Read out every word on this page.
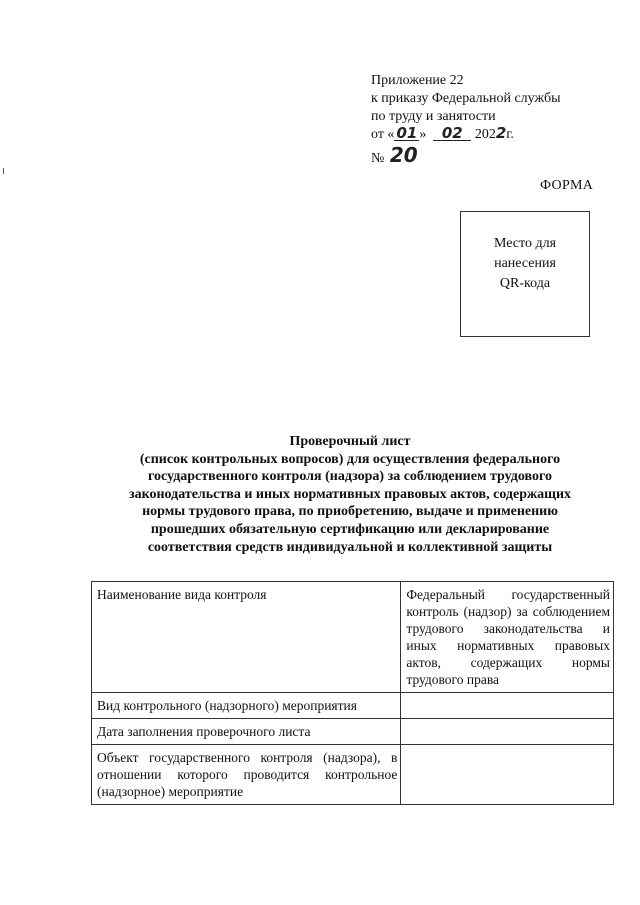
Приложение 22
к приказу Федеральной службы
по труду и занятости
от « 01 » 02 2022г.
№ 20
ФОРМА
Место для
нанесения
QR-кода
Проверочный лист
(список контрольных вопросов) для осуществления федерального
государственного контроля (надзора) за соблюдением трудового
законодательства и иных нормативных правовых актов, содержащих
нормы трудового права, по приобретению, выдаче и применению
прошедших обязательную сертификацию или декларирование
соответствия средств индивидуальной и коллективной защиты
Наименование вида контроля	Федеральный государственный контроль (надзор) за соблюдением трудового законодательства и иных нормативных правовых актов, содержащих нормы трудового права
Вид контрольного (надзорного) мероприятия	
Дата заполнения проверочного листа	
Объект государственного контроля (надзора), в отношении которого проводится контрольное (надзорное) мероприятие	
